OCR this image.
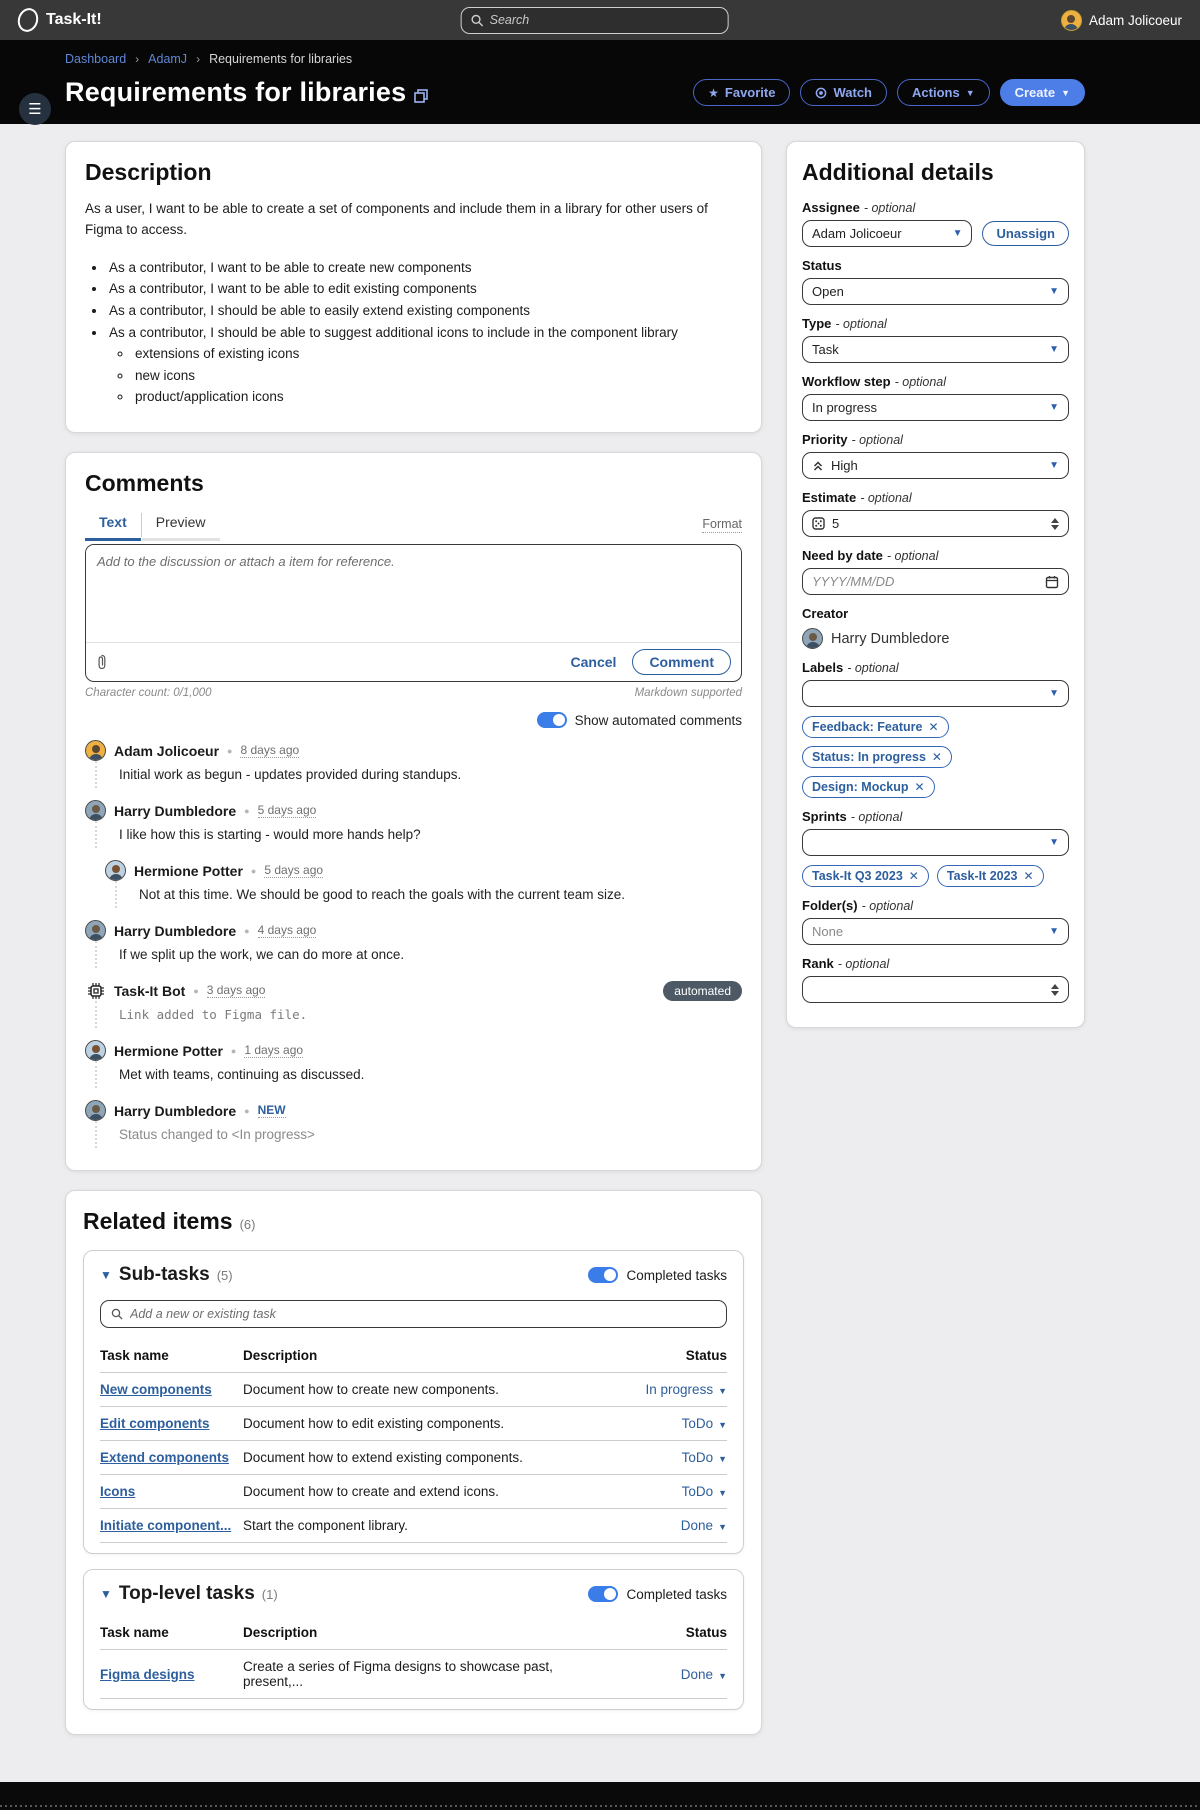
Task-It!
Search	Adam Jolicoeur
☰
Dashboard › AdamJ › Requirements for libraries
Requirements for libraries	★ Favorite	Watch	Actions ▼	Create ▼
Description

As a user, I want to be able to create a set of components and include them in a library for other users of Figma to access.

• As a contributor, I want to be able to create new components
• As a contributor, I want to be able to edit existing components
• As a contributor, I should be able to easily extend existing components
• As a contributor, I should be able to suggest additional icons to include in the component library
◦ extensions of existing icons
◦ new icons
◦ product/application icons
Comments
Text	Preview	Format
Add to the discussion or attach a item for reference.
Cancel	Comment
Character count: 0/1,000	Markdown supported
Show automated comments
Adam Jolicoeur ● 8 days ago
Initial work as begun - updates provided during standups.
Harry Dumbledore ● 5 days ago
I like how this is starting - would more hands help?
Hermione Potter ● 5 days ago
Not at this time. We should be good to reach the goals with the current team size.
Harry Dumbledore ● 4 days ago
If we split up the work, we can do more at once.
Task-It Bot ● 3 days ago	automated
Link added to Figma file.
Hermione Potter ● 1 days ago
Met with teams, continuing as discussed.
Harry Dumbledore ● NEW
Status changed to <In progress>
Related items (6)
▼ Sub-tasks (5)	Completed tasks
Add a new or existing task
Task name	Description	Status
New components	Document how to create new components.	In progress ▼
Edit components	Document how to edit existing components.	ToDo ▼
Extend components	Document how to extend existing components.	ToDo ▼
Icons	Document how to create and extend icons.	ToDo ▼
Initiate component...	Start the component library.	Done ▼
▼ Top-level tasks (1)	Completed tasks
Task name	Description	Status
Figma designs	Create a series of Figma designs to showcase past, present,...	Done ▼
Additional details
Assignee - optional
Adam Jolicoeur	▼	Unassign
Status
Open	▼
Type - optional
Task	▼
Workflow step - optional
In progress	▼
Priority - optional
High	▼
Estimate - optional
5
Need by date - optional
YYYY/MM/DD
Creator
Harry Dumbledore
Labels - optional
▼
Feedback: Feature ✕
Status: In progress ✕
Design: Mockup ✕
Sprints - optional
▼
Task-It Q3 2023 ✕ Task-It 2023 ✕
Folder(s) - optional
None	▼
Rank - optional
